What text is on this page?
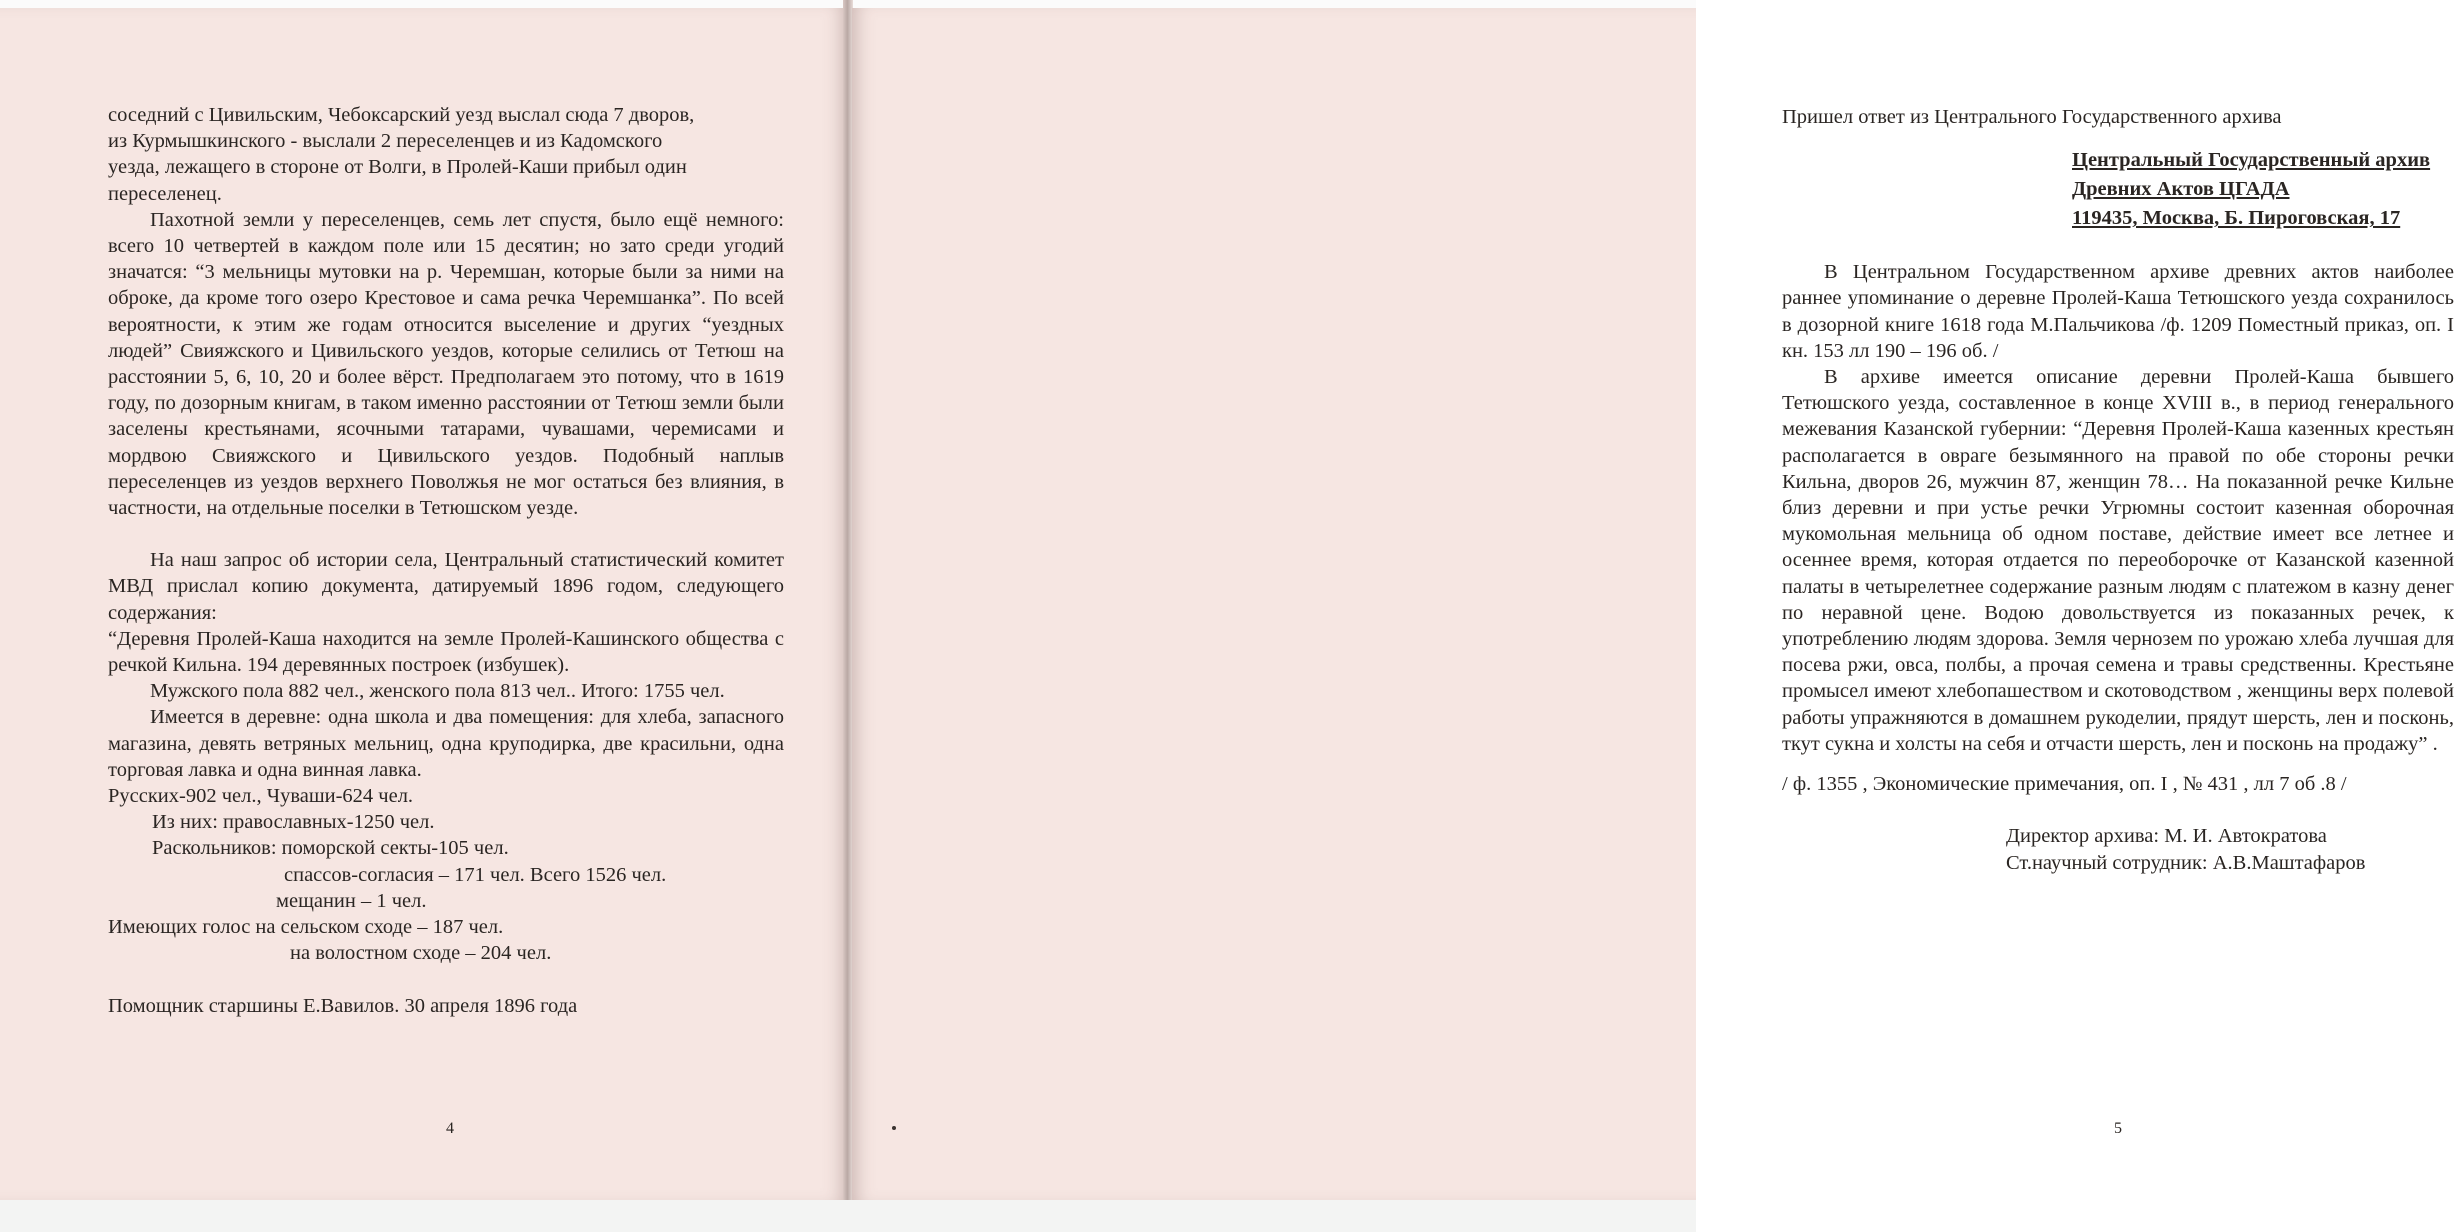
соседний с Цивильским, Чебоксарский уезд выслал сюда 7 дворов,

из Курмышкинского - выслали 2 переселенцев и из Кадомского

уезда, лежащего в стороне от Волги, в Пролей-Каши прибыл один

переселенец.

Пахотной земли у переселенцев, семь лет спустя, было ещё немного: всего 10 четвертей в каждом поле или 15 десятин; но зато среди угодий значатся: “3 мельницы мутовки на р. Черемшан, которые были за ними на оброке, да кроме того озеро Крестовое и сама речка Черемшанка”. По всей вероятности, к этим же годам относится выселение и других “уездных людей” Свияжского и Цивильского уездов, которые селились от Тетюш на расстоянии 5, 6, 10, 20 и более вёрст. Предполагаем это потому, что в 1619 году, по дозорным книгам, в таком именно расстоянии от Тетюш земли были заселены крестьянами, ясочными татарами, чувашами, черемисами и мордвою Свияжского и Цивильского уездов. Подобный наплыв переселенцев из уездов верхнего Поволжья не мог остаться без влияния, в частности, на отдельные поселки в Тетюшском уезде.

На наш запрос об истории села, Центральный статистический комитет МВД прислал копию документа, датируемый 1896 годом, следующего содержания:

“Деревня Пролей-Каша находится на земле Пролей-Кашинского общества с речкой Кильна. 194 деревянных построек (избушек).

Мужского пола 882 чел., женского пола 813 чел.. Итого: 1755 чел.

Имеется в деревне: одна школа и два помещения: для хлеба, запасного магазина, девять ветряных мельниц, одна круподирка, две красильни, одна торговая лавка и одна винная лавка.

Русских-902 чел., Чуваши-624 чел.

Из них: православных-1250 чел.

Раскольников: поморской секты-105 чел.

спассов-согласия – 171 чел. Всего 1526 чел.

мещанин – 1 чел.

Имеющих голос на сельском сходе – 187 чел.

на волостном сходе – 204 чел.

Помощник старшины Е.Вавилов. 30 апреля 1896 года

4

Пришел ответ из Центрального Государственного архива

Центральный Государственный архив

Древних Актов ЦГАДА

119435, Москва, Б. Пироговская, 17

В Центральном Государственном архиве древних актов наиболее раннее упоминание о деревне Пролей-Каша Тетюшского уезда сохранилось в дозорной книге 1618 года М.Пальчикова /ф. 1209 Поместный приказ, оп. I кн. 153 лл 190 – 196 об. /

В архиве имеется описание деревни Пролей-Каша бывшего Тетюшского уезда, составленное в конце XVIII в., в период генерального межевания Казанской губернии: “Деревня Пролей-Каша казенных крестьян располагается в овраге безымянного на правой по обе стороны речки Кильна, дворов 26, мужчин 87, женщин 78… На показанной речке Кильне близ деревни и при устье речки Угрюмны состоит казенная оборочная мукомольная мельница об одном поставе, действие имеет все летнее и осеннее время, которая отдается по переоборочке от Казанской казенной палаты в четырелетнее содержание разным людям с платежом в казну денег по неравной цене. Водою довольствуется из показанных речек, к употреблению людям здорова. Земля чернозем по урожаю хлеба лучшая для посева ржи, овса, полбы, а прочая семена и травы средственны. Крестьяне промысел имеют хлебопашеством и скотоводством , женщины верх полевой работы упражняются в домашнем рукоделии, прядут шерсть, лен и посконь, ткут сукна и холсты на себя и отчасти шерсть, лен и посконь на продажу” .

/ ф. 1355 , Экономические примечания, оп. I , № 431 , лл 7 об .8 /

Директор архива: М. И. Автократова

Ст.научный сотрудник: А.В.Маштафаров

5
